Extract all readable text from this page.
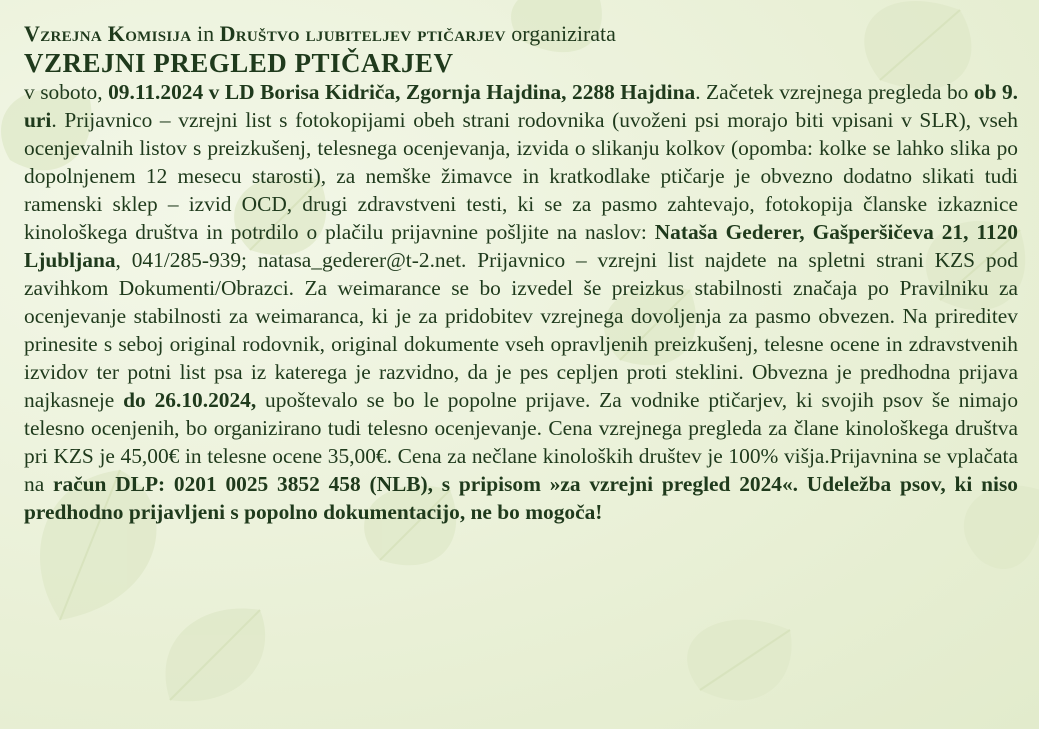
Vzrejna Komisija in Društvo ljubiteljev ptičarjev organizirata
VZREJNI PREGLED PTIČARJEV
v soboto, 09.11.2024 v LD Borisa Kidriča, Zgornja Hajdina, 2288 Hajdina. Začetek vzrejnega pregleda bo ob 9. uri. Prijavnico – vzrejni list s fotokopijami obeh strani rodovnika (uvoženi psi morajo biti vpisani v SLR), vseh ocenjevalnih listov s preizkušenj, telesnega ocenjevanja, izvida o slikanju kolkov (opomba: kolke se lahko slika po dopolnjenem 12 mesecu starosti), za nemške žimavce in kratkodlake ptičarje je obvezno dodatno slikati tudi ramenski sklep – izvid OCD, drugi zdravstveni testi, ki se za pasmo zahtevajo, fotokopija članske izkaznice kinološkega društva in potrdilo o plačilu prijavnine pošljite na naslov: Nataša Gederer, Gašperšičeva 21, 1120 Ljubljana, 041/285-939; natasa_gederer@t-2.net. Prijavnico – vzrejni list najdete na spletni strani KZS pod zavihkom Dokumenti/Obrazci. Za weimarance se bo izvedel še preizkus stabilnosti značaja po Pravilniku za ocenjevanje stabilnosti za weimaranca, ki je za pridobitev vzrejnega dovoljenja za pasmo obvezen. Na prireditev prinesite s seboj original rodovnik, original dokumente vseh opravljenih preizkušenj, telesne ocene in zdravstvenih izvidov ter potni list psa iz katerega je razvidno, da je pes cepljen proti steklini. Obvezna je predhodna prijava najkasneje do 26.10.2024, upoštevalo se bo le popolne prijave. Za vodnike ptičarjev, ki svojih psov še nimajo telesno ocenjenih, bo organizirano tudi telesno ocenjevanje. Cena vzrejnega pregleda za člane kinološkega društva pri KZS je 45,00€ in telesne ocene 35,00€. Cena za nečlane kinoloških društev je 100% višja.Prijavnina se vplačata na račun DLP: 0201 0025 3852 458 (NLB), s pripisom »za vzrejni pregled 2024«. Udeležba psov, ki niso predhodno prijavljeni s popolno dokumentacijo, ne bo mogoča!
